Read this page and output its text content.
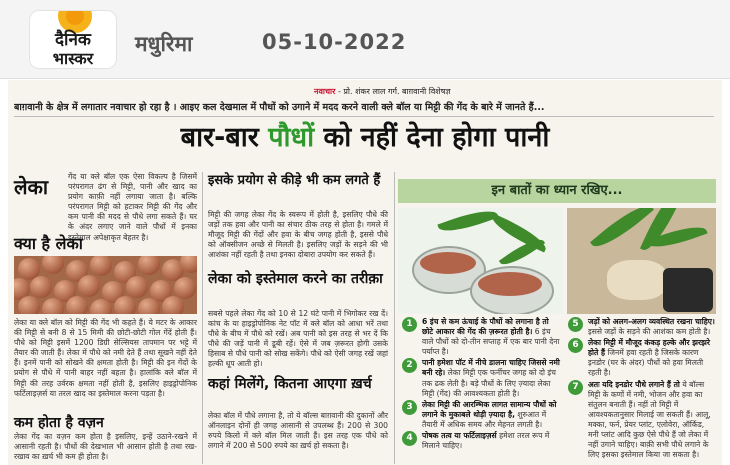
दैनिक
भास्कर
मधुरिमा	05-10-2022
नवाचार - प्रो. शंकर लाल गर्ग. बाग़वानी विशेषज्ञ
बाग़वानी के क्षेत्र में लगातार नवाचार हो रहा है । आइए कल देखमाल में पौधों को उगाने में मदद करने वाली क्ले बॉल या मिट्टी की गेंद के बारे में जानते हैं...
बार-बार पौधों को नहीं देना होगा पानी
लेका	गेंद या क्ले बॉल एक ऐसा विकल्प है जिसमें परंपरागत ढंग से मिट्टी, पानी और खाद का प्रयोग काफ़ी नहीं लगाया जाता है। बल्कि परंपरागत मिट्टी को हटाकर मिट्टी की गेंद और कम पानी की मदद से पौधे लगा सकते हैं। घर के अंदर लगाए जाने वाले पौधों में इनका इस्तेमाल अपेक्षाकृत बेहतर है।

क्या है लेका

लेका या क्ले बॉल को मिट्टी की गेंद भी कहते हैं। ये मटर के आकार की मिट्टी से बनी 8 से 15 मिमी की छोटी-छोटी गोल गेंदें होती हैं। पौधे को मिट्टी इसमें 1200 डिग्री सेल्सियस तापमान पर भट्टे में तैयार की जाती हैं। लेका में पौधे को नमी देते हैं तथा सूखने नहीं देते हैं। इनमें पानी को सोखने की क्षमता होती है। मिट्टी की इन गेंदों के प्रयोग से पौधे में पानी बाहर नहीं बहता है। हालांकि क्ले बॉल में मिट्टी की तरह उर्वरक क्षमता नहीं होती है, इसलिए हाइड्रोपोनिक फर्टिलाइज़र्स या तरल खाद का इस्तेमाल करना पड़ता है।

कम होता है वज़न

लेका गेंद का वज़न कम होता है इसलिए, इन्हें उठाने-रखने में आसानी रहती है। पौधों की देखभाल भी आसान होती है तथा रख-रखाव का ख़र्च भी कम ही होता है।

इसके प्रयोग से कीड़े भी कम लगते हैं

मिट्टी की जगह लेका गेंद के स्वरूप में होती है, इसलिए पौधे की जड़ों तक हवा और पानी का संचार ठीक तरह से होता है। गमले में मौजूद मिट्टी की गेंदों और हवा के बीच जगह होती है, इससे पौधे को ऑक्सीजन अच्छे से मिलती है। इसलिए जड़ों के सड़ने की भी आशंका नहीं रहती है तथा इनका दोबारा उपयोग कर सकते हैं।

लेका को इस्तेमाल करने का तरीक़ा

सबसे पहले लेका गेंद को 10 से 12 घंटे पानी में भिगोकर रख दें। कांच के या हाइड्रोपोनिक नेट पॉट में क्ले बॉल को आधा भरें तथा पौधे के बीच में पौधे को रखें। अब पानी को इस तरह से भर दें कि पौधे की जड़ें पानी में डूबी रहें। ऐसे में जब ज़रूरत होगी उसके हिसाब से पौधे पानी को सोख सकेंगे। पौधे को ऐसी जगह रखें जहां हल्की धूप आती हो।

कहां मिलेंगे, कितना आएगा ख़र्च

लेका बॉल में पौधे लगाना है, तो ये बॉल्स बाग़वानी की दुकानों और ऑनलाइन दोनों ही जगह आसानी से उपलब्ध हैं। 200 से 300 रुपये किलो में क्ले बॉल मिल जाती हैं। इस तरह एक पौधे को लगाने में 200 से 500 रुपये का ख़र्च हो सकता है।

इन बातों का ध्यान रखिए...
1	6 इंच से कम ऊंचाई के पौधों को लगाना है तो छोटे आकार की गेंद की ज़रूरत होती है। 6 इंच वाले पौधों को दो-तीन सप्ताह में एक बार पानी देना पर्याप्त है।
2	पानी हमेशा पॉट में नीचे डालना चाहिए जिससे नमी बनी रहे। लेका मिट्टी एक फर्नीचर जगह को दो इंच तक ढक लेती है। बड़े पौधों के लिए ज़्यादा लेका मिट्टी (गेंद) की आवश्यकता होती है।
3	लेका मिट्टी की आरम्भिक लागत सामान्य पौधों को लगाने के मुकाबले थोड़ी ज़्यादा है, शुरुआत में तैयारी में अधिक समय और मेहनत लगती है।
4	पोषक तत्व या फर्टिलाइज़र्स हमेशा तरल रूप में मिलाने चाहिए।
5	जड़ों को अलग-अलग व्यवस्थित रखना चाहिए। इससे जड़ों के सड़ने की आशंका कम होती है।
6	लेका मिट्टी में मौजूद कंकड़ हल्के और झरझरे होते हैं जिनमें हवा रहती है जिसके कारण इनडोर (घर के अंदर) पौधों को हवा मिलती रहती है।
7	अतः यदि इनडोर पौधे लगाने हैं तो ये बॉल्स मिट्टी के कणों में नमी, भोजन और हवा का संतुलन बनाती हैं। नहीं तो मिट्टी में आवश्यकतानुसार मिलाई जा सकती हैं। आलू, मक्का, फर्न, प्रेयर प्लांट, एलोवेरा, ऑर्किड, मनी प्लांट आदि कुछ ऐसे पौधे हैं जो लेका में नहीं उगाने चाहिए। बाक़ी सभी पौधे लगाने के लिए इसका इस्तेमाल किया जा सकता है।
